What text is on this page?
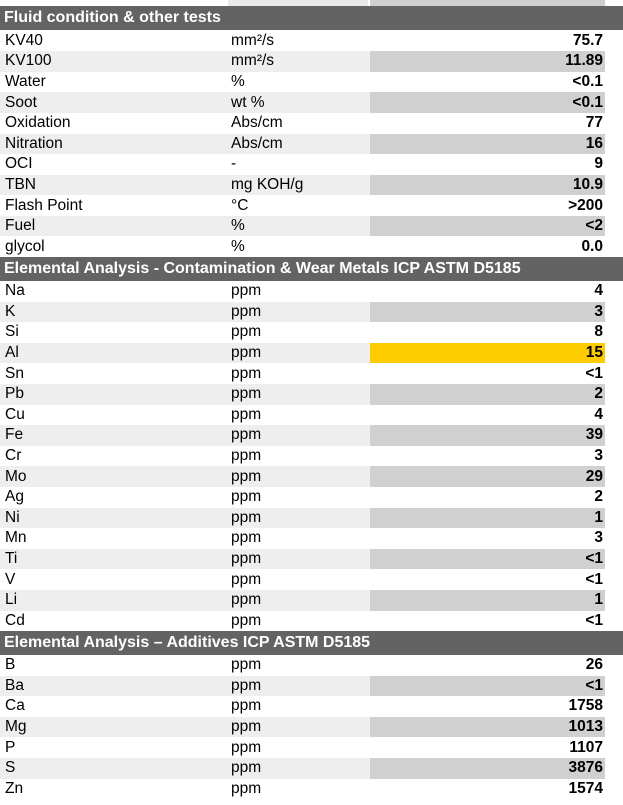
Fluid condition & other tests
KV40	mm²/s	75.7
KV100	mm²/s	11.89
Water	%	<0.1
Soot	wt %	<0.1
Oxidation	Abs/cm	77
Nitration	Abs/cm	16
OCI	-	9
TBN	mg KOH/g	10.9
Flash Point	°C	>200
Fuel	%	<2
glycol	%	0.0
Elemental Analysis - Contamination & Wear Metals ICP ASTM D5185
Na	ppm	4
K	ppm	3
Si	ppm	8
Al	ppm	15
Sn	ppm	<1
Pb	ppm	2
Cu	ppm	4
Fe	ppm	39
Cr	ppm	3
Mo	ppm	29
Ag	ppm	2
Ni	ppm	1
Mn	ppm	3
Ti	ppm	<1
V	ppm	<1
Li	ppm	1
Cd	ppm	<1
Elemental Analysis – Additives ICP ASTM D5185
B	ppm	26
Ba	ppm	<1
Ca	ppm	1758
Mg	ppm	1013
P	ppm	1107
S	ppm	3876
Zn	ppm	1574
